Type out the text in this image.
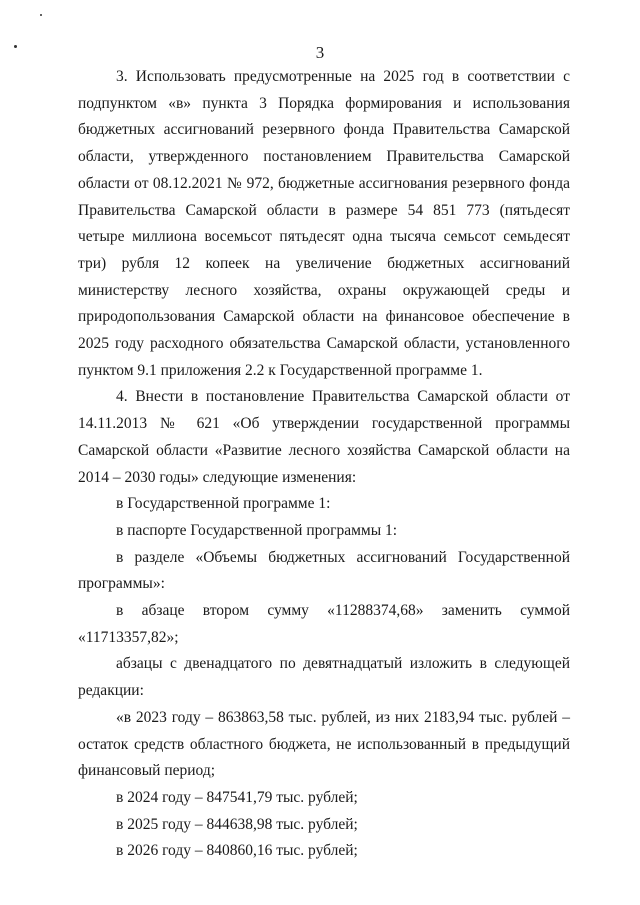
3

3. Использовать предусмотренные на 2025 год в соответствии с подпунктом «в» пункта 3 Порядка формирования и использования бюджетных ассигнований резервного фонда Правительства Самарской области, утвержденного постановлением Правительства Самарской области от 08.12.2021 № 972, бюджетные ассигнования резервного фонда Правительства Самарской области в размере 54 851 773 (пятьдесят четыре миллиона восемьсот пятьдесят одна тысяча семьсот семьдесят три) рубля 12 копеек на увеличение бюджетных ассигнований министерству лесного хозяйства, охраны окружающей среды и природопользования Самарской области на финансовое обеспечение в 2025 году расходного обязательства Самарской области, установленного пунктом 9.1 приложения 2.2 к Государственной программе 1.

4. Внести в постановление Правительства Самарской области от 14.11.2013 № 621 «Об утверждении государственной программы Самарской области «Развитие лесного хозяйства Самарской области на 2014 – 2030 годы» следующие изменения:

в Государственной программе 1:

в паспорте Государственной программы 1:

в разделе «Объемы бюджетных ассигнований Государственной программы»:

в абзаце втором сумму «11288374,68» заменить суммой «11713357,82»;

абзацы с двенадцатого по девятнадцатый изложить в следующей редакции:

«в 2023 году – 863863,58 тыс. рублей, из них 2183,94 тыс. рублей – остаток средств областного бюджета, не использованный в предыдущий финансовый период;

в 2024 году – 847541,79 тыс. рублей;

в 2025 году – 844638,98 тыс. рублей;

в 2026 году – 840860,16 тыс. рублей;
